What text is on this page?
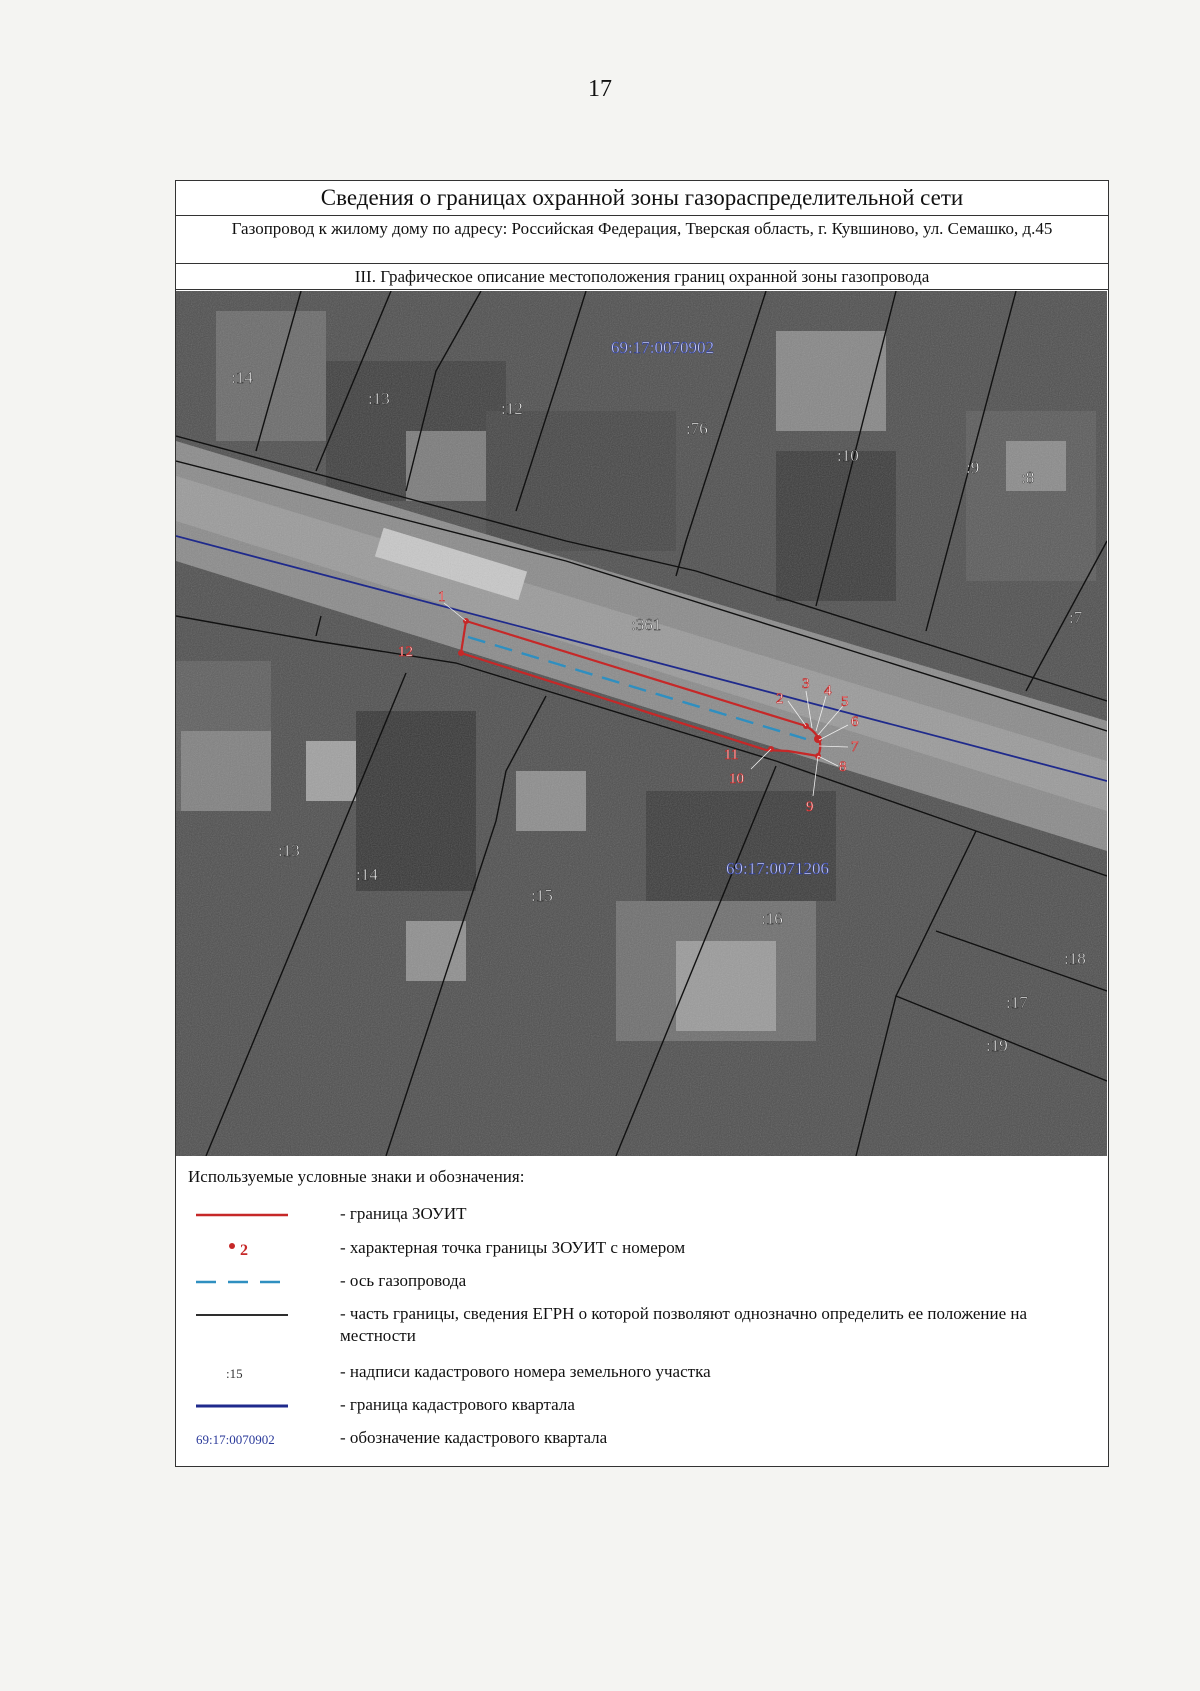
17
Сведения о границах охранной зоны газораспределительной сети
Газопровод к жилому дому по адресу: Российская Федерация, Тверская область, г. Кувшиново, ул. Семашко, д.45
III. Графическое описание местоположения границ охранной зоны газопровода
1
2
3 4
5
6
7
8
9
10
11
12
69:17:0070902
69:17:0071206
:14
:13
:12
:76
:10
:9
:8
:7
:361
:13
:14
:15
:16
:18
:17
:19
Используемые условные знаки и обозначения:
- граница ЗОУИТ
2	- характерная точка границы ЗОУИТ с номером
- ось газопровода
- часть границы, сведения ЕГРН о которой позволяют однозначно определить ее положение на местности
:15	- надписи кадастрового номера земельного участка
- граница кадастрового квартала
69:17:0070902	- обозначение кадастрового квартала
